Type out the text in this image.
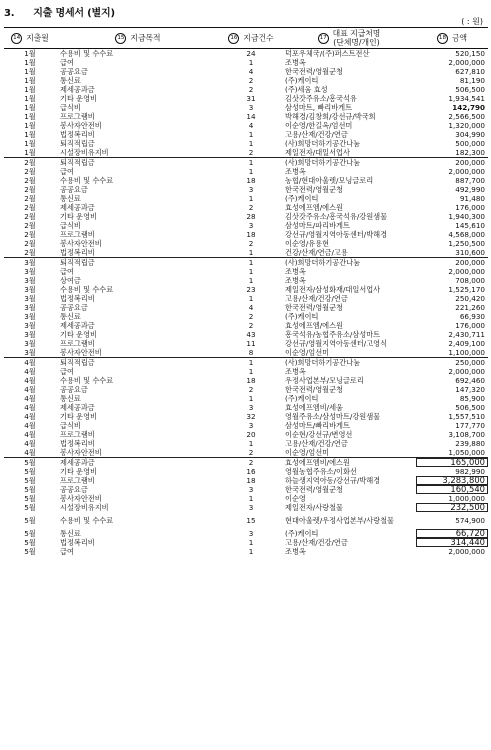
3. 지출 명세서 (별지)
( : 원)
14 지출월	15 지급목적	16 지급건수	17 대표 지급처명
(단체명/개인)	18 금액
1월	수용비 및 수수료	24	덕포우체국/(주)퍼스트전산	520,150
1월	급여	1	조병옥	2,000,000
1월	공공요금	4	한국전력/영월군청	627,810
1월	통신료	2	(주)케이티	81,190
1월	제세공과금	2	(주)세움 효성	506,500
1월	기타 운영비	31	김삿갓주유소/흥국석유	1,934,541
1월	급식비	3	삼성마트, 빠리바게트	142,790
1월	프로그램비	14	박해경/김창희/강선규/박국희	2,566,500
1월	봉사자안전비	4	이순영/한길옥/엄선미	1,320,000
1월	법정복리비	1	고용/산재/건강/연금	304,990
1월	퇴직적립금	1	(사)희망더하기공간나눔	500,000
1월	시설장비유지비	2	제일전자/대일서업사	182,300
2월	퇴직적립금	1	(사)희망더하기공간나눔	200,000
2월	급여	1	조병옥	2,000,000
2월	수용비 및 수수료	18	농협/현대아울렛/모닝글로리	887,700
2월	공공요금	3	한국전력/영월군청	492,990
2월	통신료	1	(주)케이티	91,480
2월	제세공과금	2	효성에프엠/에스원	176,000
2월	기타 운영비	28	김삿갓주유소/흥국석유/강원샘물	1,940,300
2월	급식비	3	삼성마트/파리바게트	145,610
2월	프로그램비	18	강선규/영월지역아동센터/박해경	4,568,000
2월	봉사자안전비	2	이순영/유용현	1,250,500
2월	법정복리비	1	건강/산재/연금/고용	310,600
3월	퇴직적립금	1	(사)희망더하기공간나눔	200,000
3월	급여	1	조병옥	2,000,000
3월	상여금	1	조병옥	708,000
3월	수용비 및 수수료	23	제일전자/삼성화재/대일서업사	1,525,170
3월	법정복리비	1	고용/산재/건강/연금	250,420
3월	공공요금	4	한국전력/영월군청	221,260
3월	통신료	2	(주)케이티	66,930
3월	제세공과금	2	효성에프엠/에스원	176,000
3월	기타 운영비	43	흥국석유/농협주유소/삼성마트	2,430,711
3월	프로그램비	11	강선규/영월지역아동센터/고영식	2,409,100
3월	봉사자안전비	8	이순영/엄선미	1,100,000
4월	퇴직적립금	1	(사)희망더하기공간나눔	250,000
4월	급여	1	조병옥	2,000,000
4월	수용비 및 수수료	18	우정사업본부/모닝글로리	692,460
4월	공공요금	2	한국전력/영월군청	147,320
4월	통신료	1	(주)케이티	85,900
4월	제세공과금	3	효성에프엠비/세움	506,500
4월	기타 운영비	32	영월주유소/삼성마트/강원샘물	1,557,510
4월	급식비	3	삼성마트/빠리바게트	177,770
4월	프로그램비	20	이순현/강선규/변영선	3,108,700
4월	법정복리비	1	고용/산재/건강/연금	239,880
4월	봉사자안전비	2	이순영/엄선미	1,050,000
5월	제세공과금	2	효성에프엠비/에스원	165,000
5월	기타 운영비	16	영월농협주유소/이화선	982,990
5월	프로그램비	18	하늘생지역아동/강선규/박해경	3,283,800
5월	공공요금	3	한국전력/영월군청	160,540
5월	봉사자안전비	1	이순영	1,000,000
5월	시설장비유지비	3	제일전자/사랑철물	232,500
5월	수용비 및 수수료	15	현대아울렛/우정사업본부/사랑철물	574,900
5월	통신료	3	(주)케이티	66,720
5월	법정복리비	1	고용/산재/건강/연금	314,440
5월	급여	1	조병옥	2,000,000
